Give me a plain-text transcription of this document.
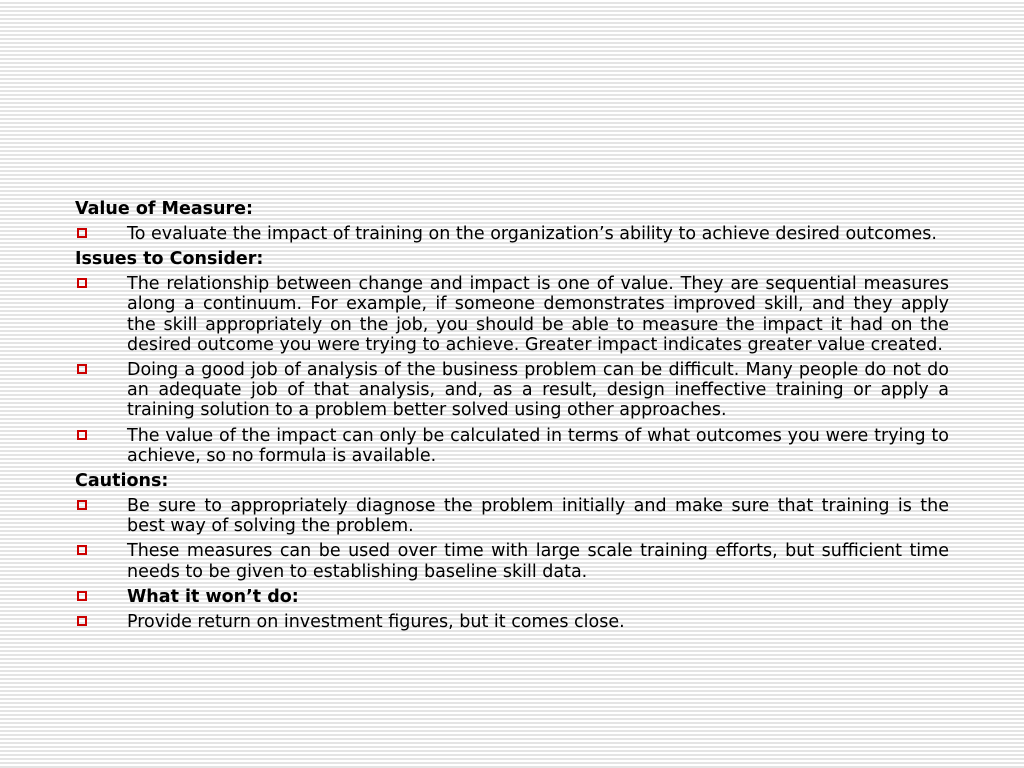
Value of Measure:
To evaluate the impact of training on the organization’s ability to achieve desired outcomes.
Issues to Consider:
The relationship between change and impact is one of value. They are sequential measures along a continuum. For example, if someone demonstrates improved skill, and they apply the skill appropriately on the job, you should be able to measure the impact it had on the desired outcome you were trying to achieve. Greater impact indicates greater value created.
Doing a good job of analysis of the business problem can be difficult. Many people do not do an adequate job of that analysis, and, as a result, design ineffective training or apply a training solution to a problem better solved using other approaches.
The value of the impact can only be calculated in terms of what outcomes you were trying to achieve, so no formula is available.
Cautions:
Be sure to appropriately diagnose the problem initially and make sure that training is the best way of solving the problem.
These measures can be used over time with large scale training efforts, but sufficient time needs to be given to establishing baseline skill data.
What it won’t do:
Provide return on investment figures, but it comes close.
